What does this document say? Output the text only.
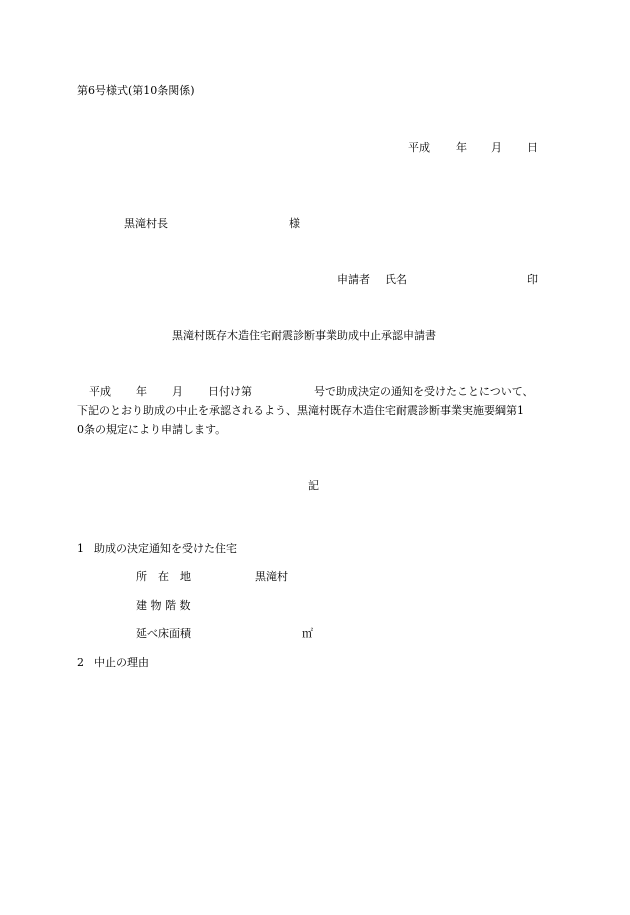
第6号様式(第10条関係)
平成 年 月 日
黒滝村長	様
申請者 氏名	印
黒滝村既存木造住宅耐震診断事業助成中止承認申請書
平成 年 月 日付け第	号で助成決定の通知を受けたことについて、
下記のとおり助成の中止を承認されるよう、黒滝村既存木造住宅耐震診断事業実施要綱第1
0条の規定により申請します。
記
1 助成の決定通知を受けた住宅
所　在　地	黒滝村
建 物 階 数
延べ床面積	㎡
2 中止の理由
